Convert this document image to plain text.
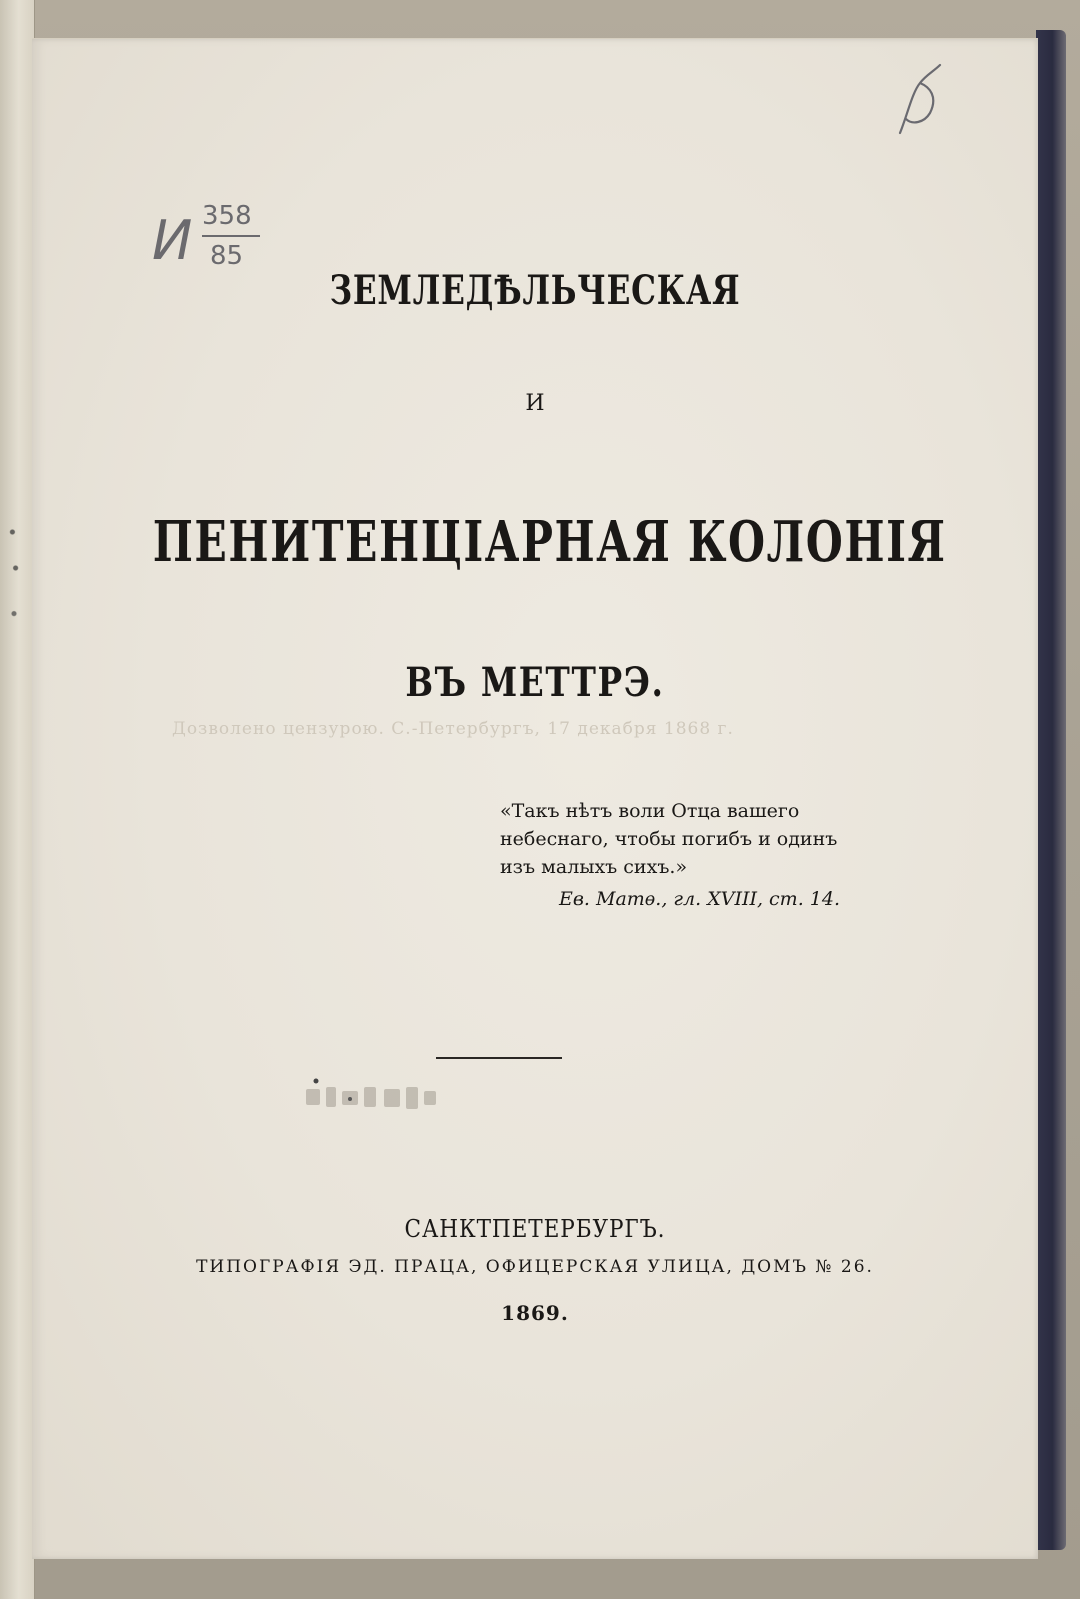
Дозволено цензурою. С.-Петербургъ, 17 декабря 1868 г.
И 358
85
ЗЕМЛЕДѢЛЬЧЕСКАЯ
И
ПЕНИТЕНЦІАРНАЯ КОЛОНІЯ
ВЪ МЕТТРЭ.
«Такъ нѣтъ воли Отца вашего
небеснаго, чтобы погибъ и одинъ
изъ малыхъ сихъ.»
Ев. Матѳ., гл. XVIII, ст. 14.
САНКТПЕТЕРБУРГЪ.
ТИПОГРАФІЯ ЭД. ПРАЦА, ОФИЦЕРСКАЯ УЛИЦА, ДОМЪ № 26.
1869.
